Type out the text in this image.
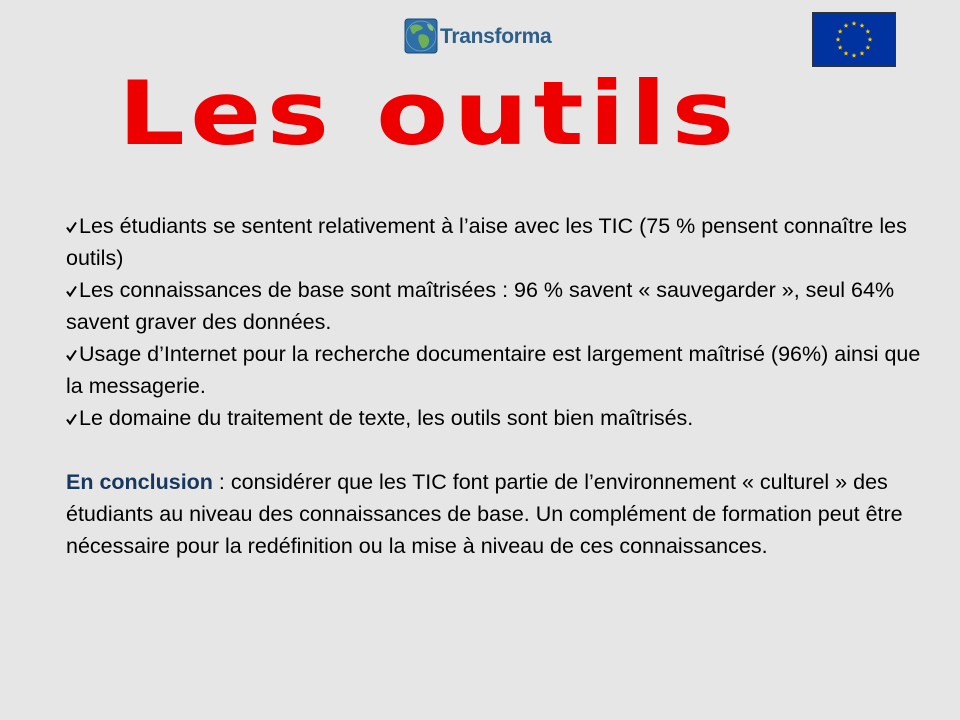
Transforma
Les outils
Les étudiants se sentent relativement à l’aise avec les TIC (75 % pensent connaître les outils)
Les connaissances de base sont maîtrisées : 96 % savent « sauvegarder », seul 64% savent graver des données.
Usage d’Internet pour la recherche documentaire est largement maîtrisé (96%) ainsi que la messagerie.
Le domaine du traitement de texte, les outils sont bien maîtrisés.

En conclusion : considérer que les TIC font partie de l’environnement « culturel » des étudiants au niveau des connaissances de base. Un complément de formation peut être nécessaire pour la redéfinition ou la mise à niveau de ces connaissances.
